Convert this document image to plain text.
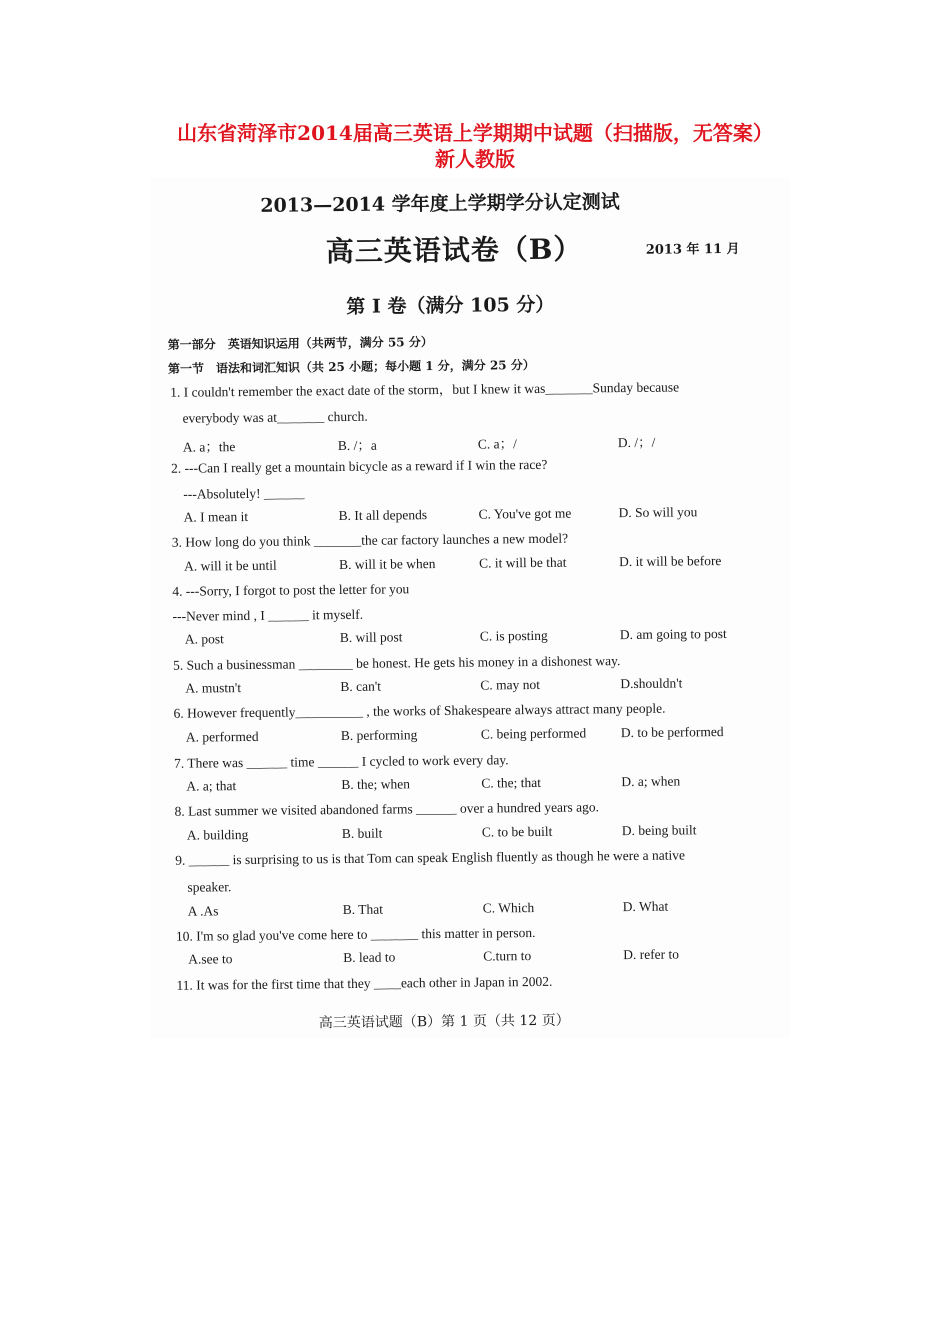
山东省菏泽市2014届高三英语上学期期中试题（扫描版，无答案）
新人教版
2013—2014 学年度上学期学分认定测试
高三英语试卷（B）	2013 年 11 月
第 I 卷（满分 105 分）
第一部分　英语知识运用（共两节，满分 55 分）
第一节　语法和词汇知识（共 25 小题；每小题 1 分，满分 25 分）
1. I couldn't remember the exact date of the storm，but I knew it was_______Sunday because
everybody was at_______ church.
A. a；the	B. /；a	C. a；/	D. /；/
2. ---Can I really get a mountain bicycle as a reward if I win the race?
---Absolutely! ______
A. I mean it	B. It all depends	C. You've got me	D. So will you
3. How long do you think _______the car factory launches a new model?
A. will it be until	B. will it be when	C. it will be that	D. it will be before
4. ---Sorry, I forgot to post the letter for you
---Never mind , I ______ it myself.
A. post	B. will post	C. is posting	D. am going to post
5. Such a businessman ________ be honest. He gets his money in a dishonest way.
A. mustn't	B. can't	C. may not	D.shouldn't
6. However frequently__________ , the works of Shakespeare always attract many people.
A. performed	B. performing	C. being performed	D. to be performed
7. There was ______ time ______ I cycled to work every day.
A. a; that	B. the; when	C. the; that	D. a; when
8. Last summer we visited abandoned farms ______ over a hundred years ago.
A. building	B. built	C. to be built	D. being built
9. ______ is surprising to us is that Tom can speak English fluently as though he were a native
speaker.
A .As	B. That	C. Which	D. What
10. I'm so glad you've come here to _______ this matter in person.
A.see to	B. lead to	C.turn to	D. refer to
11. It was for the first time that they ____each other in Japan in 2002.
高三英语试题（B）第 1 页（共 12 页）
